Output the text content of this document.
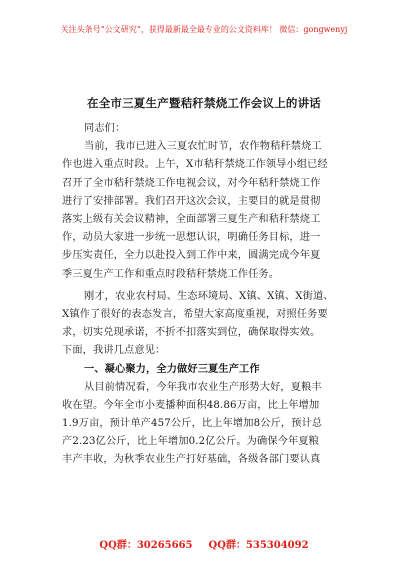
关注头条号“公文研究”，获得最新最全最专业的公文资料库！ 微信：gongwenyj
在全市三夏生产暨秸秆禁烧工作会议上的讲话
同志们：
当前，我市已进入三夏农忙时节，农作物秸秆禁烧工
作也进入重点时段。上午，X市秸秆禁烧工作领导小组已经
召开了全市秸秆禁烧工作电视会议，对今年秸秆禁烧工作
进行了安排部署。我们召开这次会议，主要目的就是贯彻
落实上级有关会议精神，全面部署三夏生产和秸秆禁烧工
作，动员大家进一步统一思想认识，明确任务目标，进一
步压实责任，全力以赴投入到工作中来，圆满完成今年夏
季三夏生产工作和重点时段秸秆禁烧工作任务。
刚才，农业农村局、生态环境局、X镇、X镇、X街道、
X镇作了很好的表态发言，希望大家高度重视，对照任务要
求，切实兑现承诺，不折不扣落实到位，确保取得实效。
下面，我讲几点意见：
一、凝心聚力，全力做好三夏生产工作
从目前情况看，今年我市农业生产形势大好，夏粮丰
收在望。今年全市小麦播种面积48.86万亩，比上年增加
1.9万亩，预计单产457公斤，比上年增加8公斤，预计总
产2.23亿公斤，比上年增加0.2亿公斤。为确保今年夏粮
丰产丰收，为秋季农业生产打好基础，各级各部门要认真
QQ群：30265665 QQ群：535304092
